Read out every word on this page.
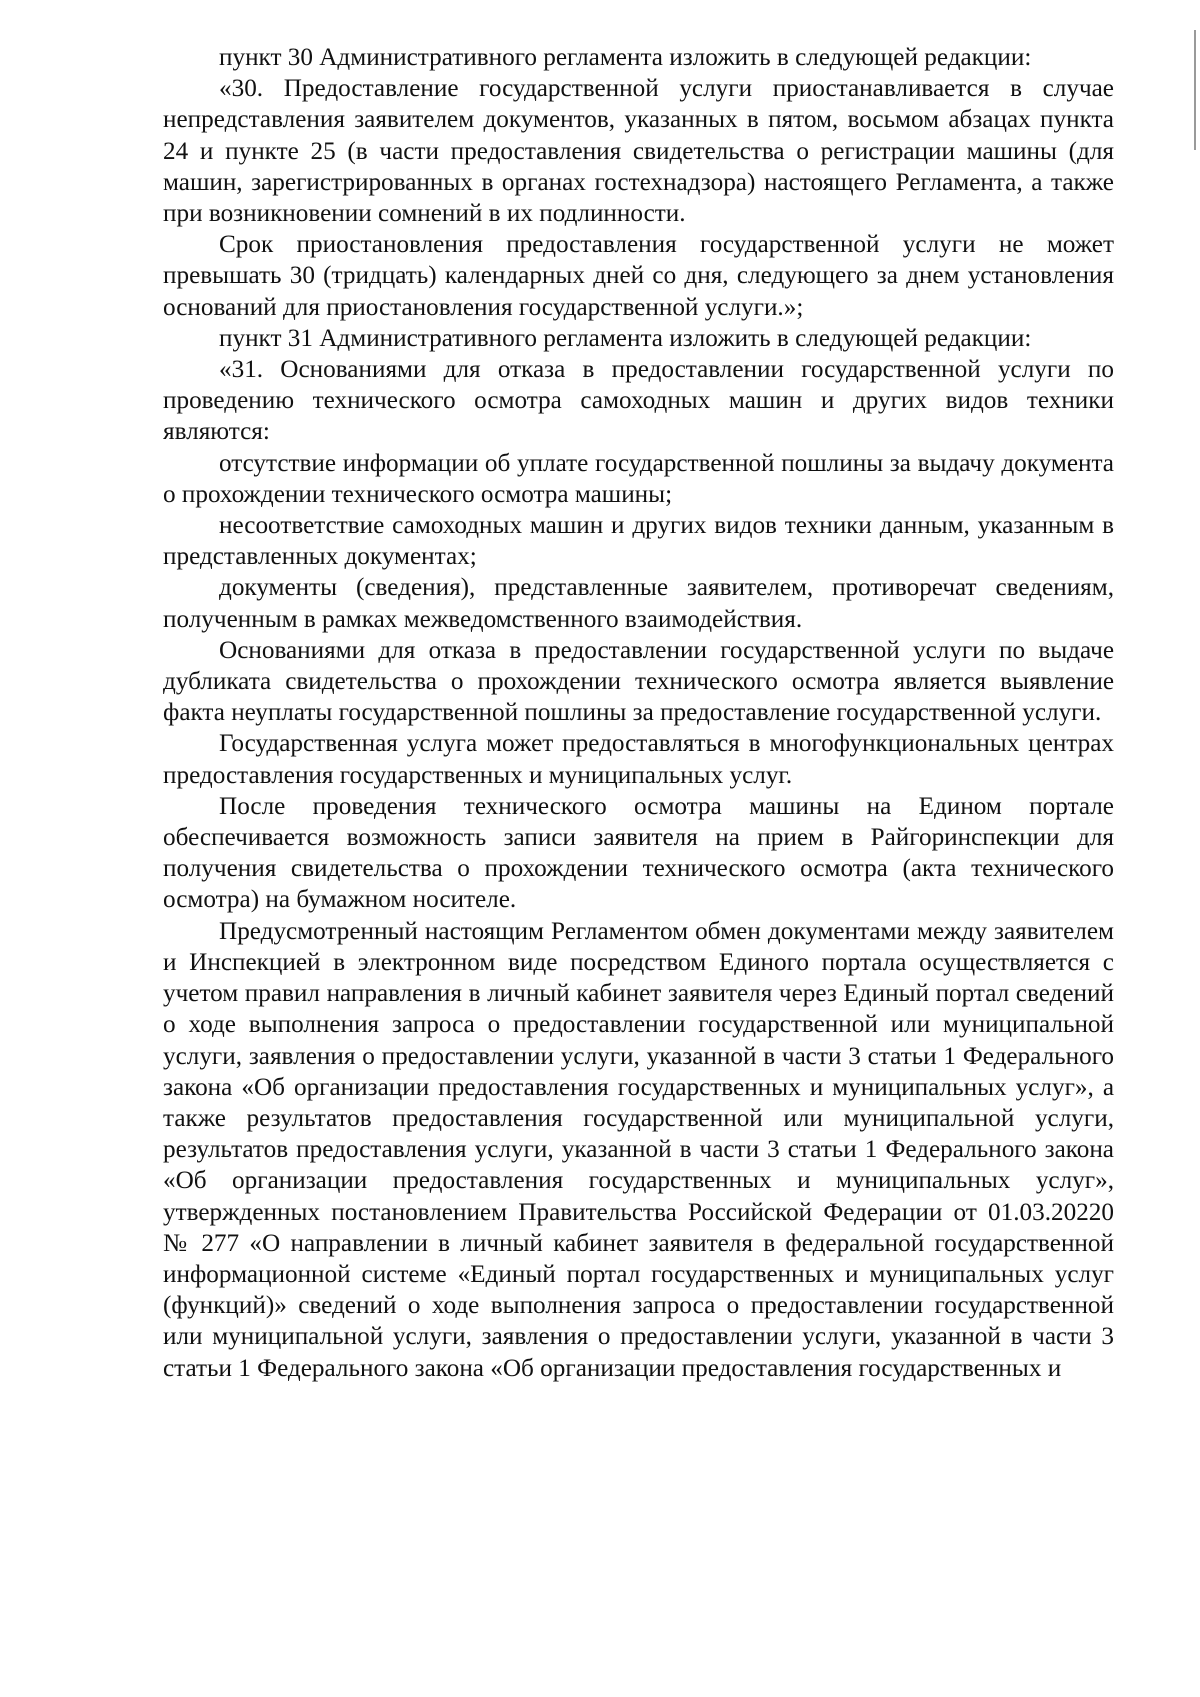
пункт 30 Административного регламента изложить в следующей редакции:

«30. Предоставление государственной услуги приостанавливается в случае непредставления заявителем документов, указанных в пятом, восьмом абзацах пункта 24 и пункте 25 (в части предоставления свидетельства о регистрации машины (для машин, зарегистрированных в органах гостехнадзора) настоящего Регламента, а также при возникновении сомнений в их подлинности.

Срок приостановления предоставления государственной услуги не может превышать 30 (тридцать) календарных дней со дня, следующего за днем установления оснований для приостановления государственной услуги.»;

пункт 31 Административного регламента изложить в следующей редакции:

«31. Основаниями для отказа в предоставлении государственной услуги по проведению технического осмотра самоходных машин и других видов техники являются:

отсутствие информации об уплате государственной пошлины за выдачу документа о прохождении технического осмотра машины;

несоответствие самоходных машин и других видов техники данным, указанным в представленных документах;

документы (сведения), представленные заявителем, противоречат сведениям, полученным в рамках межведомственного взаимодействия.

Основаниями для отказа в предоставлении государственной услуги по выдаче дубликата свидетельства о прохождении технического осмотра является выявление факта неуплаты государственной пошлины за предоставление государственной услуги.

Государственная услуга может предоставляться в многофункциональных центрах предоставления государственных и муниципальных услуг.

После проведения технического осмотра машины на Едином портале обеспечивается возможность записи заявителя на прием в Райгоринспекции для получения свидетельства о прохождении технического осмотра (акта технического осмотра) на бумажном носителе.

Предусмотренный настоящим Регламентом обмен документами между заявителем и Инспекцией в электронном виде посредством Единого портала осуществляется с учетом правил направления в личный кабинет заявителя через Единый портал сведений о ходе выполнения запроса о предоставлении государственной или муниципальной услуги, заявления о предоставлении услуги, указанной в части 3 статьи 1 Федерального закона «Об организации предоставления государственных и муниципальных услуг», а также результатов предоставления государственной или муниципальной услуги, результатов предоставления услуги, указанной в части 3 статьи 1 Федерального закона «Об организации предоставления государственных и муниципальных услуг», утвержденных постановлением Правительства Российской Федерации от 01.03.20220 № 277 «О направлении в личный кабинет заявителя в федеральной государственной информационной системе «Единый портал государственных и муниципальных услуг (функций)» сведений о ходе выполнения запроса о предоставлении государственной или муниципальной услуги, заявления о предоставлении услуги, указанной в части 3 статьи 1 Федерального закона «Об организации предоставления государственных и
